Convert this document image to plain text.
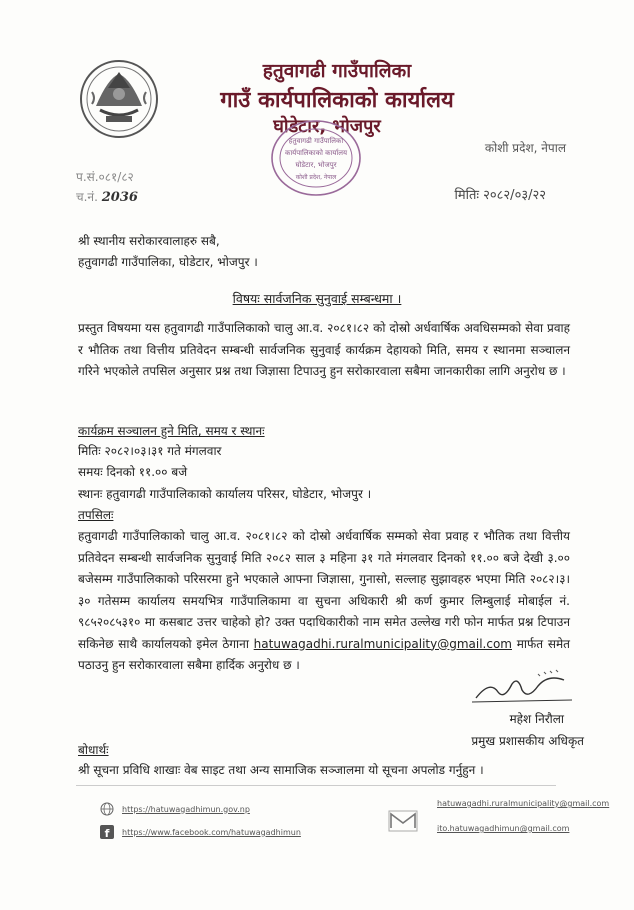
हतुवागढी गाउँपालिका
गाउँ कार्यपालिकाको कार्यालय
घोडेटार, भोजपुर
कोशी प्रदेश, नेपाल
हतुवागढी गाउँपालिका
कार्यपालिकाको कार्यालय
घोडेटार, भोजपुर
कोशी प्रदेश, नेपाल
प.सं.०८१/८२
च.नं. 2036	मितिः २०८२/०३/२२
श्री स्थानीय सरोकारवालाहरु सबै,
हतुवागढी गाउँपालिका, घोडेटार, भोजपुर ।
विषयः सार्वजनिक सुनुवाई सम्बन्धमा ।
प्रस्तुत विषयमा यस हतुवागढी गाउँपालिकाको चालु आ.व. २०८१।८२ को दोस्रो अर्धवार्षिक अवधिसम्मको सेवा प्रवाह र भौतिक तथा वित्तीय प्रतिवेदन सम्बन्धी सार्वजनिक सुनुवाई कार्यक्रम देहायको मिति, समय र स्थानमा सञ्चालन गरिने भएकोले तपसिल अनुसार प्रश्न तथा जिज्ञासा टिपाउनु हुन सरोकारवाला सबैमा जानकारीका लागि अनुरोध छ ।
कार्यक्रम सञ्चालन हुने मिति, समय र स्थानः
मितिः २०८२।०३।३१ गते मंगलवार
समयः दिनको ११.०० बजे
स्थानः हतुवागढी गाउँपालिकाको कार्यालय परिसर, घोडेटार, भोजपुर ।
तपसिलः
हतुवागढी गाउँपालिकाको चालु आ.व. २०८१।८२ को दोस्रो अर्धवार्षिक सम्मको सेवा प्रवाह र भौतिक तथा वित्तीय प्रतिवेदन सम्बन्धी सार्वजनिक सुनुवाई मिति २०८२ साल ३ महिना ३१ गते मंगलवार दिनको ११.०० बजे देखी ३.०० बजेसम्म गाउँपालिकाको परिसरमा हुने भएकाले आफ्ना जिज्ञासा, गुनासो, सल्लाह सुझावहरु भएमा मिति २०८२।३।३० गतेसम्म कार्यालय समयभित्र गाउँपालिकामा वा सुचना अधिकारी श्री कर्ण कुमार लिम्बुलाई मोबाईल नं. ९८५२०८५३१० मा कसबाट उत्तर चाहेको हो? उक्त पदाधिकारीको नाम समेत उल्लेख गरी फोन मार्फत प्रश्न टिपाउन सकिनेछ साथै कार्यालयको इमेल ठेगाना hatuwagadhi.ruralmunicipality@gmail.com मार्फत समेत पठाउनु हुन सरोकारवाला सबैमा हार्दिक अनुरोध छ ।
महेश निरौला
प्रमुख प्रशासकीय अधिकृत
बोधार्थः
श्री सूचना प्रविधि शाखाः वेब साइट तथा अन्य सामाजिक सञ्जालमा यो सूचना अपलोड गर्नुहुन ।
https://hatuwagadhimun.gov.np
f https://www.facebook.com/hatuwagadhimun
hatuwagadhi.ruralmunicipality@gmail.com
ito.hatuwagadhimun@gmail.com
